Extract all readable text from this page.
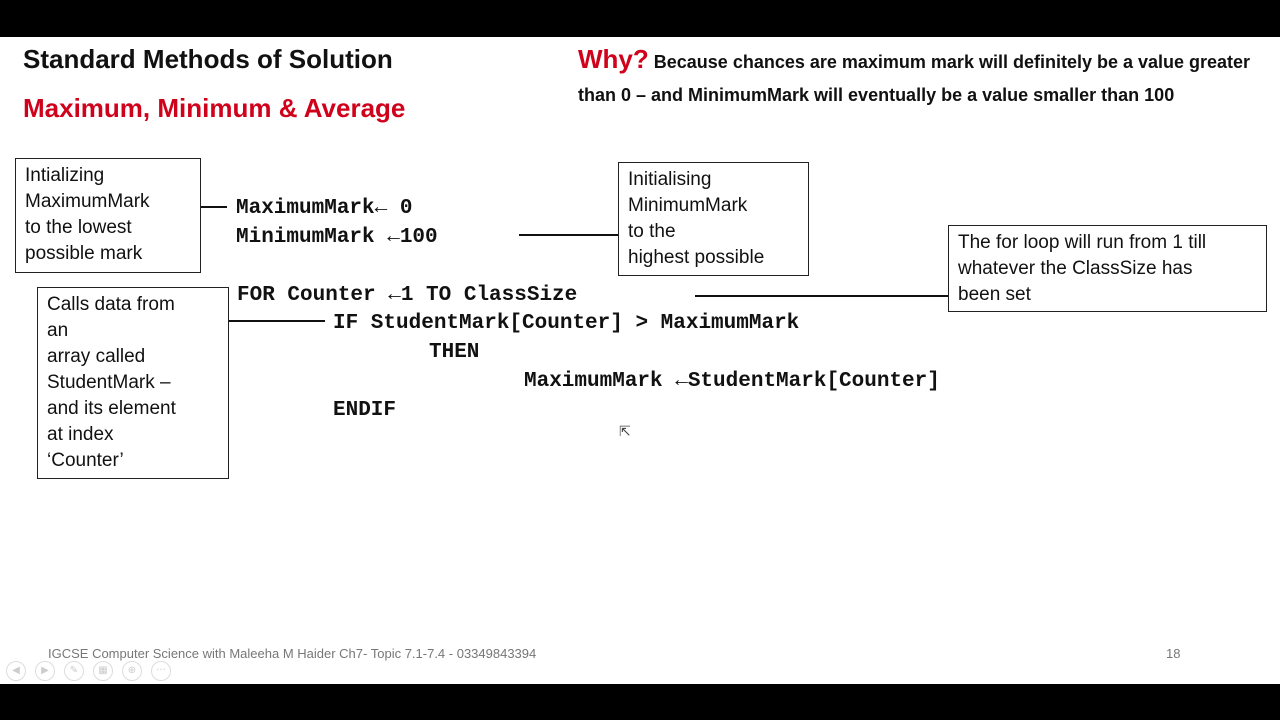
Standard Methods of Solution
Maximum, Minimum & Average
Why? Because chances are maximum mark will definitely be a value greater than 0 – and MinimumMark will eventually be a value smaller than 100
Intializing
MaximumMark
to the lowest
possible mark
Initialising
MinimumMark
to the
highest possible
The for loop will run from 1 till
whatever the ClassSize has
been set
Calls data from
an
array called
StudentMark –
and its element
at index
‘Counter’
MaximumMark← 0
MinimumMark ←100
FOR Counter ←1 TO ClassSize
IF StudentMark[Counter] > MaximumMark
THEN
MaximumMark ←StudentMark[Counter]
ENDIF
⇱
IGCSE Computer Science with Maleeha M Haider Ch7- Topic 7.1-7.4 - 03349843394	18
◀	▶	✎	▦	⊕	···
